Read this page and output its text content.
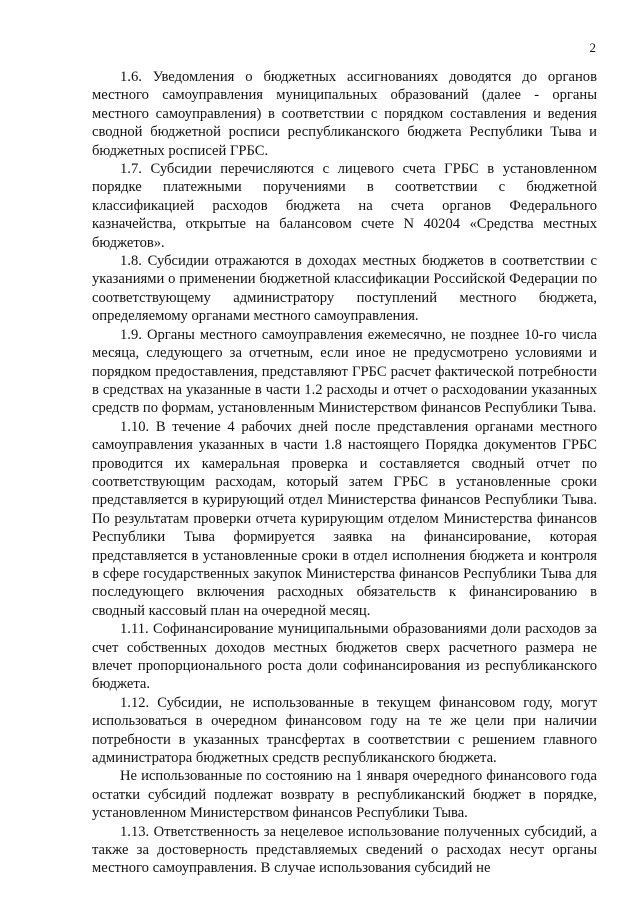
2

1.6. Уведомления о бюджетных ассигнованиях доводятся до органов местного самоуправления муниципальных образований (далее - органы местного самоуправления) в соответствии с порядком составления и ведения сводной бюджетной росписи республиканского бюджета Республики Тыва и бюджетных росписей ГРБС.

1.7. Субсидии перечисляются с лицевого счета ГРБС в установленном порядке платежными поручениями в соответствии с бюджетной классификацией расходов бюджета на счета органов Федерального казначейства, открытые на балансовом счете N 40204 «Средства местных бюджетов».

1.8. Субсидии отражаются в доходах местных бюджетов в соответствии с указаниями о применении бюджетной классификации Российской Федерации по соответствующему администратору поступлений местного бюджета, определяемому органами местного самоуправления.

1.9. Органы местного самоуправления ежемесячно, не позднее 10-го числа месяца, следующего за отчетным, если иное не предусмотрено условиями и порядком предоставления, представляют ГРБС расчет фактической потребности в средствах на указанные в части 1.2 расходы и отчет о расходовании указанных средств по формам, установленным Министерством финансов Республики Тыва.

1.10. В течение 4 рабочих дней после представления органами местного самоуправления указанных в части 1.8 настоящего Порядка документов ГРБС проводится их камеральная проверка и составляется сводный отчет по соответствующим расходам, который затем ГРБС в установленные сроки представляется в курирующий отдел Министерства финансов Республики Тыва. По результатам проверки отчета курирующим отделом Министерства финансов Республики Тыва формируется заявка на финансирование, которая представляется в установленные сроки в отдел исполнения бюджета и контроля в сфере государственных закупок Министерства финансов Республики Тыва для последующего включения расходных обязательств к финансированию в сводный кассовый план на очередной месяц.

1.11. Софинансирование муниципальными образованиями доли расходов за счет собственных доходов местных бюджетов сверх расчетного размера не влечет пропорционального роста доли софинансирования из республиканского бюджета.

1.12. Субсидии, не использованные в текущем финансовом году, могут использоваться в очередном финансовом году на те же цели при наличии потребности в указанных трансфертах в соответствии с решением главного администратора бюджетных средств республиканского бюджета.

Не использованные по состоянию на 1 января очередного финансового года остатки субсидий подлежат возврату в республиканский бюджет в порядке, установленном Министерством финансов Республики Тыва.

1.13. Ответственность за нецелевое использование полученных субсидий, а также за достоверность представляемых сведений о расходах несут органы местного самоуправления. В случае использования субсидий не
